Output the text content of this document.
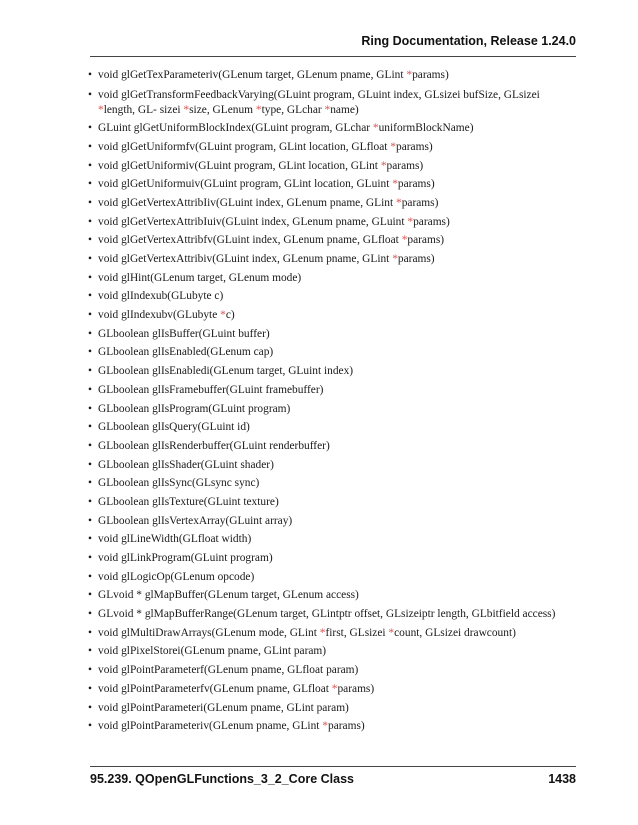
Ring Documentation, Release 1.24.0
• void glGetTexParameteriv(GLenum target, GLenum pname, GLint *params)
• void glGetTransformFeedbackVarying(GLuint program, GLuint index, GLsizei bufSize, GLsizei *length, GL- sizei *size, GLenum *type, GLchar *name)
• GLuint glGetUniformBlockIndex(GLuint program, GLchar *uniformBlockName)
• void glGetUniformfv(GLuint program, GLint location, GLfloat *params)
• void glGetUniformiv(GLuint program, GLint location, GLint *params)
• void glGetUniformuiv(GLuint program, GLint location, GLuint *params)
• void glGetVertexAttribIiv(GLuint index, GLenum pname, GLint *params)
• void glGetVertexAttribIuiv(GLuint index, GLenum pname, GLuint *params)
• void glGetVertexAttribfv(GLuint index, GLenum pname, GLfloat *params)
• void glGetVertexAttribiv(GLuint index, GLenum pname, GLint *params)
• void glHint(GLenum target, GLenum mode)
• void glIndexub(GLubyte c)
• void glIndexubv(GLubyte *c)
• GLboolean glIsBuffer(GLuint buffer)
• GLboolean glIsEnabled(GLenum cap)
• GLboolean glIsEnabledi(GLenum target, GLuint index)
• GLboolean glIsFramebuffer(GLuint framebuffer)
• GLboolean glIsProgram(GLuint program)
• GLboolean glIsQuery(GLuint id)
• GLboolean glIsRenderbuffer(GLuint renderbuffer)
• GLboolean glIsShader(GLuint shader)
• GLboolean glIsSync(GLsync sync)
• GLboolean glIsTexture(GLuint texture)
• GLboolean glIsVertexArray(GLuint array)
• void glLineWidth(GLfloat width)
• void glLinkProgram(GLuint program)
• void glLogicOp(GLenum opcode)
• GLvoid * glMapBuffer(GLenum target, GLenum access)
• GLvoid * glMapBufferRange(GLenum target, GLintptr offset, GLsizeiptr length, GLbitfield access)
• void glMultiDrawArrays(GLenum mode, GLint *first, GLsizei *count, GLsizei drawcount)
• void glPixelStorei(GLenum pname, GLint param)
• void glPointParameterf(GLenum pname, GLfloat param)
• void glPointParameterfv(GLenum pname, GLfloat *params)
• void glPointParameteri(GLenum pname, GLint param)
• void glPointParameteriv(GLenum pname, GLint *params)
95.239. QOpenGLFunctions_3_2_Core Class	1438
